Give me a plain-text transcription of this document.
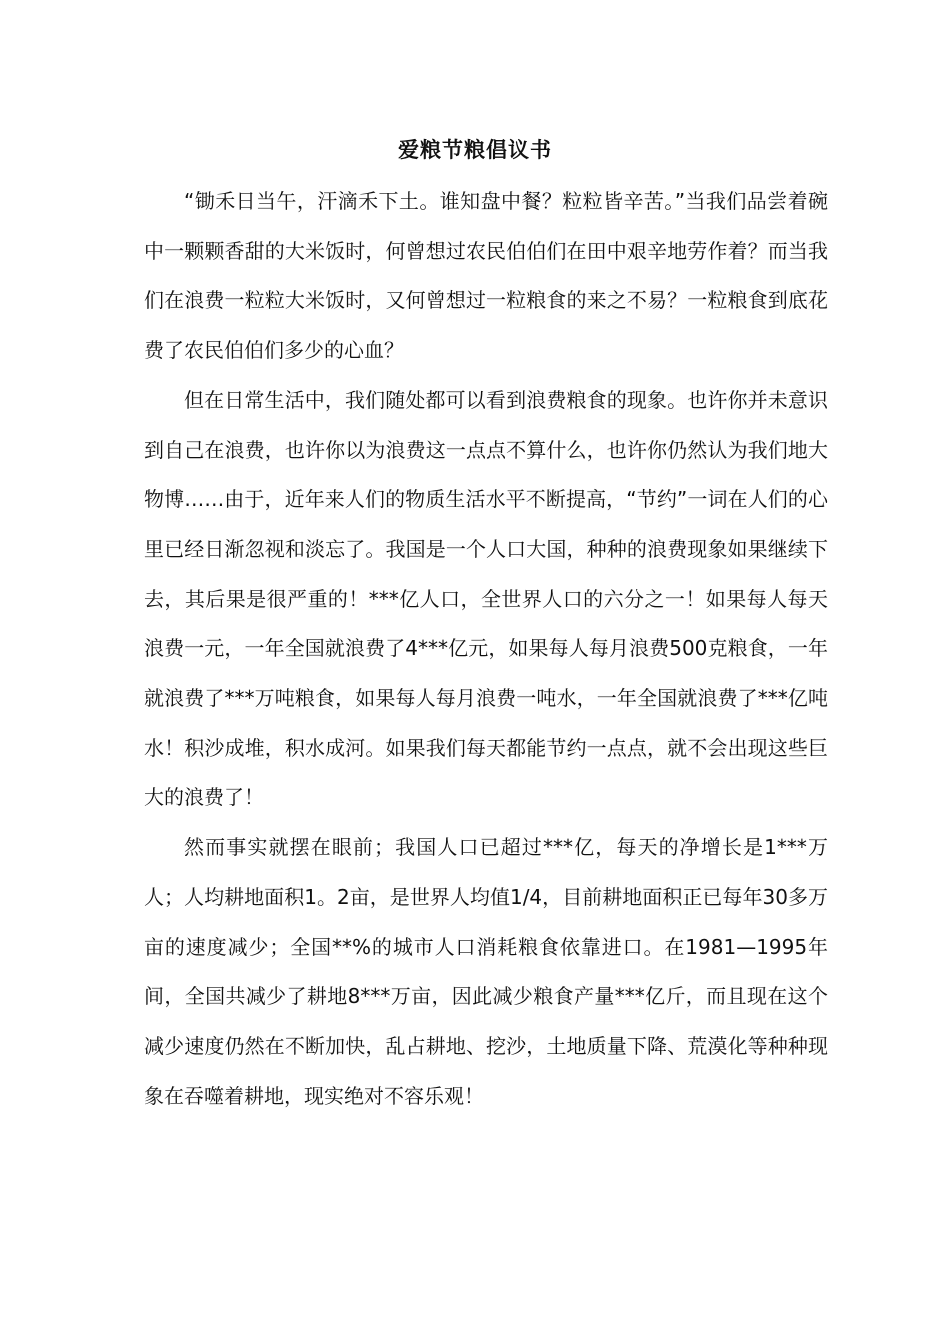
爱粮节粮倡议书

“锄禾日当午，汗滴禾下土。谁知盘中餐？粒粒皆辛苦。”当我们品尝着碗中一颗颗香甜的大米饭时，何曾想过农民伯伯们在田中艰辛地劳作着？而当我们在浪费一粒粒大米饭时，又何曾想过一粒粮食的来之不易？一粒粮食到底花费了农民伯伯们多少的心血？

但在日常生活中，我们随处都可以看到浪费粮食的现象。也许你并未意识到自己在浪费，也许你以为浪费这一点点不算什么，也许你仍然认为我们地大物博……由于，近年来人们的物质生活水平不断提高，“节约”一词在人们的心里已经日渐忽视和淡忘了。我国是一个人口大国，种种的浪费现象如果继续下去，其后果是很严重的！***亿人口，全世界人口的六分之一！如果每人每天浪费一元，一年全国就浪费了4***亿元，如果每人每月浪费500克粮食，一年就浪费了***万吨粮食，如果每人每月浪费一吨水，一年全国就浪费了***亿吨水！积沙成堆，积水成河。如果我们每天都能节约一点点，就不会出现这些巨大的浪费了！

然而事实就摆在眼前；我国人口已超过***亿，每天的净增长是1***万人；人均耕地面积1。2亩，是世界人均值1/4，目前耕地面积正已每年30多万亩的速度减少；全国**%的城市人口消耗粮食依靠进口。在1981—1995年间，全国共减少了耕地8***万亩，因此减少粮食产量***亿斤，而且现在这个减少速度仍然在不断加快，乱占耕地、挖沙，土地质量下降、荒漠化等种种现象在吞噬着耕地，现实绝对不容乐观！
